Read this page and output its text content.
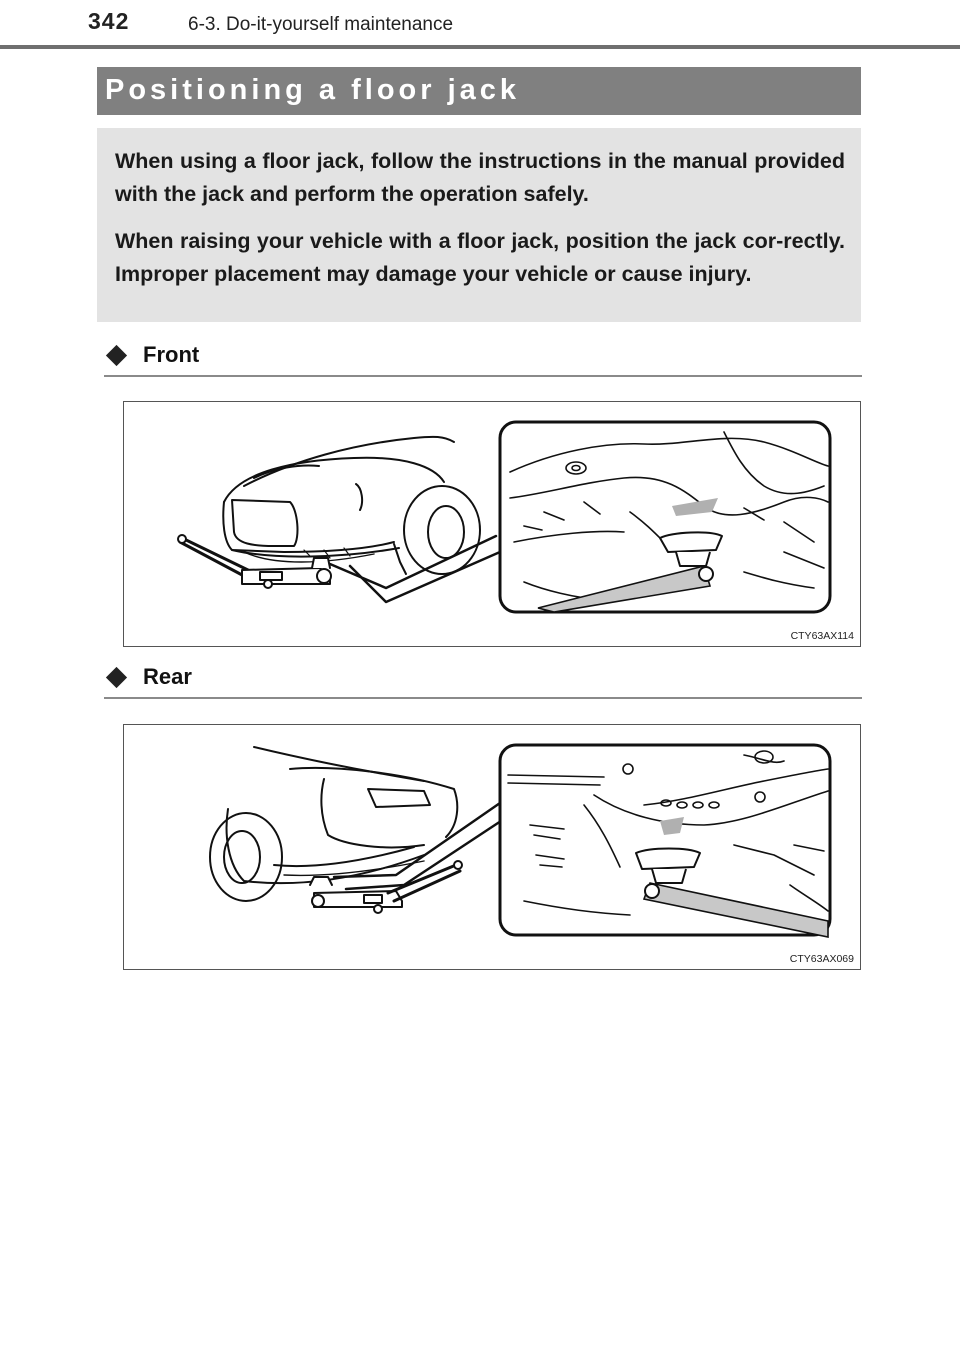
342	6-3. Do-it-yourself maintenance
Positioning a floor jack

When using a floor jack, follow the instructions in the manual provided with the jack and perform the operation safely.

When raising your vehicle with a floor jack, position the jack cor-rectly. Improper placement may damage your vehicle or cause injury.

Front
CTY63AX114
Rear
CTY63AX069
